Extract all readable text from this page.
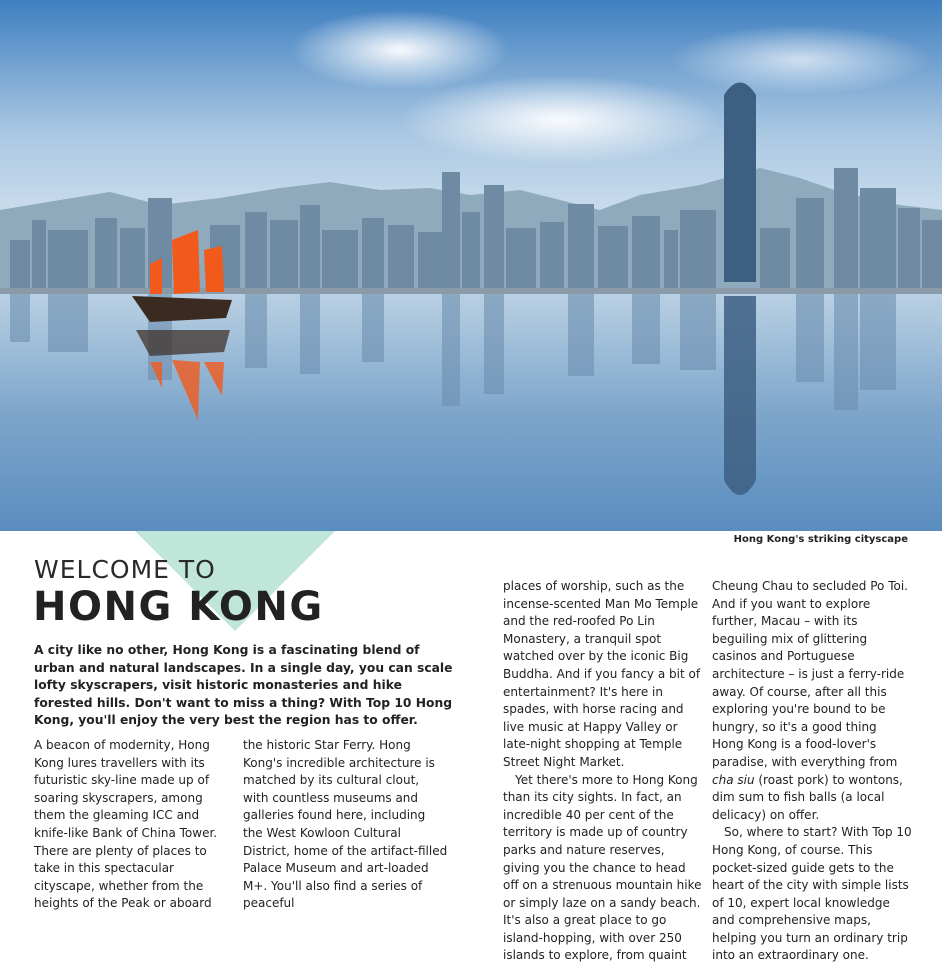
Hong Kong's striking cityscape
WELCOME TO
HONG KONG
A city like no other, Hong Kong is a fascinating blend of urban and natural landscapes. In a single day, you can scale lofty skyscrapers, visit historic monasteries and hike forested hills. Don't want to miss a thing? With Top 10 Hong Kong, you'll enjoy the very best the region has to offer.

A beacon of modernity, Hong Kong lures travellers with its futuristic sky-line made up of soaring skyscrapers, among them the gleaming ICC and knife-like Bank of China Tower. There are plenty of places to take in this spectacular cityscape, whether from the heights of the Peak or aboard

the historic Star Ferry. Hong Kong's incredible architecture is matched by its cultural clout, with countless museums and galleries found here, including the West Kowloon Cultural District, home of the artifact-filled Palace Museum and art-loaded M+. You'll also find a series of peaceful

places of worship, such as the incense-scented Man Mo Temple and the red-roofed Po Lin Monastery, a tranquil spot watched over by the iconic Big Buddha. And if you fancy a bit of entertainment? It's here in spades, with horse racing and live music at Happy Valley or late-night shopping at Temple Street Night Market.

Yet there's more to Hong Kong than its city sights. In fact, an incredible 40 per cent of the territory is made up of country parks and nature reserves, giving you the chance to head off on a strenuous mountain hike or simply laze on a sandy beach. It's also a great place to go island-hopping, with over 250 islands to explore, from quaint

Cheung Chau to secluded Po Toi. And if you want to explore further, Macau – with its beguiling mix of glittering casinos and Portuguese architecture – is just a ferry-ride away. Of course, after all this exploring you're bound to be hungry, so it's a good thing Hong Kong is a food-lover's paradise, with everything from cha siu (roast pork) to wontons, dim sum to fish balls (a local delicacy) on offer.

So, where to start? With Top 10 Hong Kong, of course. This pocket-sized guide gets to the heart of the city with simple lists of 10, expert local knowledge and comprehensive maps, helping you turn an ordinary trip into an extraordinary one.
